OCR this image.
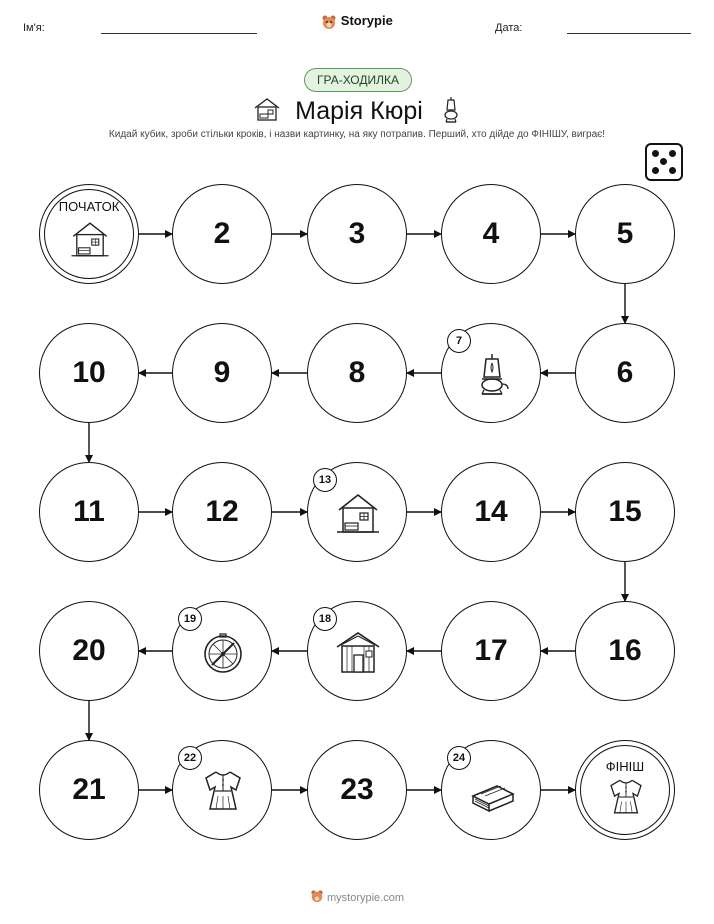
Ім'я:	Storypie	Дата:
ГРА-ХОДИЛКА
Марія Кюрі
Кидай кубик, зроби стільки кроків, і назви картинку, на яку потрапив. Перший, хто дійде до ФІНІШУ, виграє!
ПОЧАТОК
2	3	4	5
6
7
8
9
10
11	12
13
14	15
16
17
18
19
20
21
22
23
24
ФІНІШ
mystorypie.com
